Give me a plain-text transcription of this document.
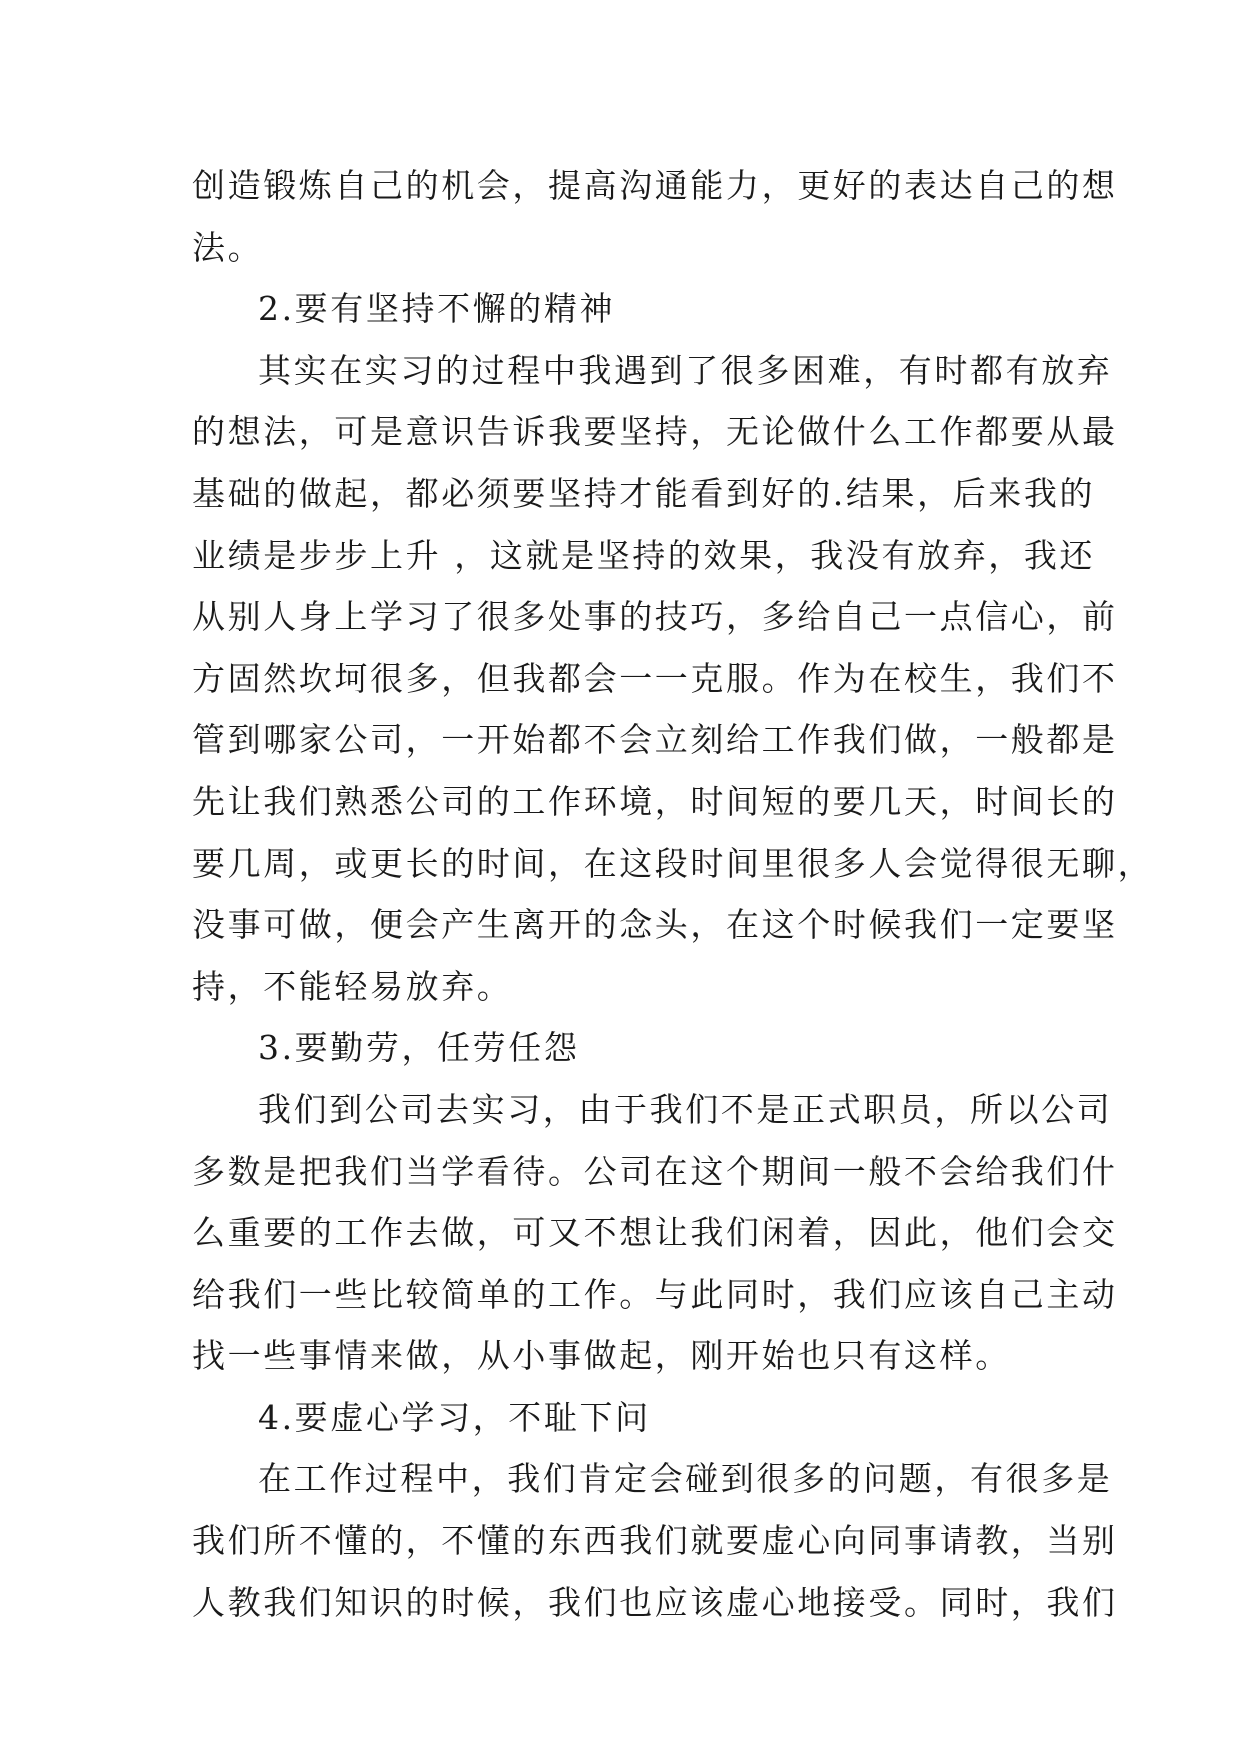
创造锻炼自己的机会，提高沟通能力，更好的表达自己的想
法。
2.要有坚持不懈的精神
其实在实习的过程中我遇到了很多困难，有时都有放弃
的想法，可是意识告诉我要坚持，无论做什么工作都要从最
基础的做起，都必须要坚持才能看到好的.结果，后来我的
业绩是步步上升 ，这就是坚持的效果，我没有放弃，我还
从别人身上学习了很多处事的技巧，多给自己一点信心，前
方固然坎坷很多，但我都会一一克服。作为在校生，我们不
管到哪家公司，一开始都不会立刻给工作我们做，一般都是
先让我们熟悉公司的工作环境，时间短的要几天，时间长的
要几周，或更长的时间，在这段时间里很多人会觉得很无聊，
没事可做，便会产生离开的念头，在这个时候我们一定要坚
持，不能轻易放弃。
3.要勤劳，任劳任怨
我们到公司去实习，由于我们不是正式职员，所以公司
多数是把我们当学看待。公司在这个期间一般不会给我们什
么重要的工作去做，可又不想让我们闲着，因此，他们会交
给我们一些比较简单的工作。与此同时，我们应该自己主动
找一些事情来做，从小事做起，刚开始也只有这样。
4.要虚心学习，不耻下问
在工作过程中，我们肯定会碰到很多的问题，有很多是
我们所不懂的，不懂的东西我们就要虚心向同事请教，当别
人教我们知识的时候，我们也应该虚心地接受。同时，我们
